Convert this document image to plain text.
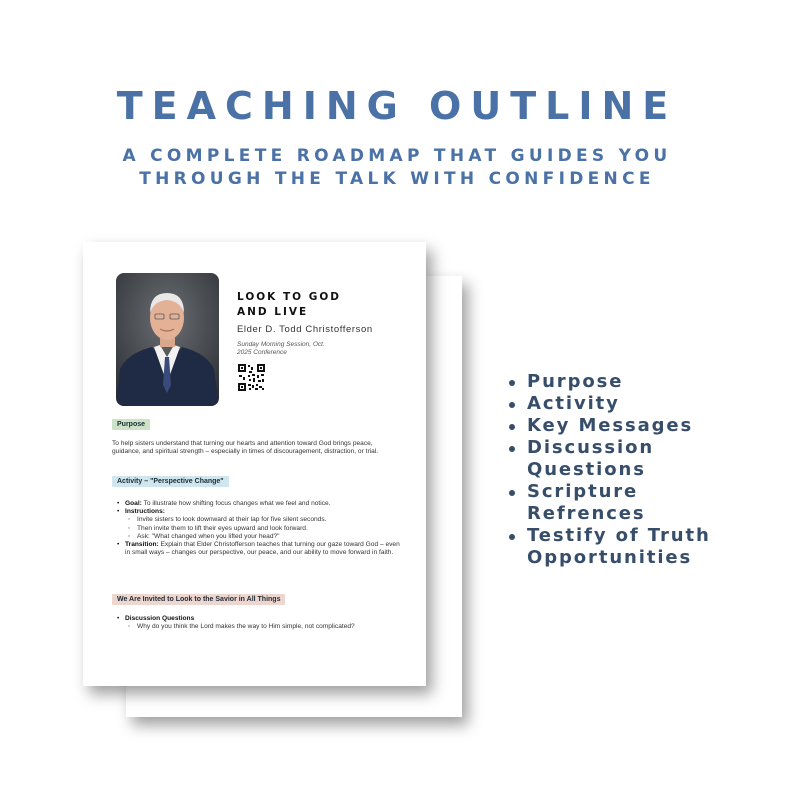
TEACHING OUTLINE
A COMPLETE ROADMAP THAT GUIDES YOU
THROUGH THE TALK WITH CONFIDENCE
LOOK TO GOD
AND LIVE
Elder D. Todd Christofferson
Sunday Morning Session, Oct.
2025 Conference
Purpose
To help sisters understand that turning our hearts and attention toward God brings peace, guidance, and spiritual strength – especially in times of discouragement, distraction, or trial.
Activity – "Perspective Change"
• Goal: To illustrate how shifting focus changes what we feel and notice.
• Instructions:
◦ Invite sisters to look downward at their lap for five silent seconds.
◦ Then invite them to lift their eyes upward and look forward.
◦ Ask: "What changed when you lifted your head?"
• Transition: Explain that Elder Christofferson teaches that turning our gaze toward God – even in small ways – changes our perspective, our peace, and our ability to move forward in faith.
We Are Invited to Look to the Savior in All Things
• Discussion Questions
◦ Why do you think the Lord makes the way to Him simple, not complicated?
Purpose
Activity
Key Messages
Discussion Questions
Scripture Refrences
Testify of Truth Opportunities
